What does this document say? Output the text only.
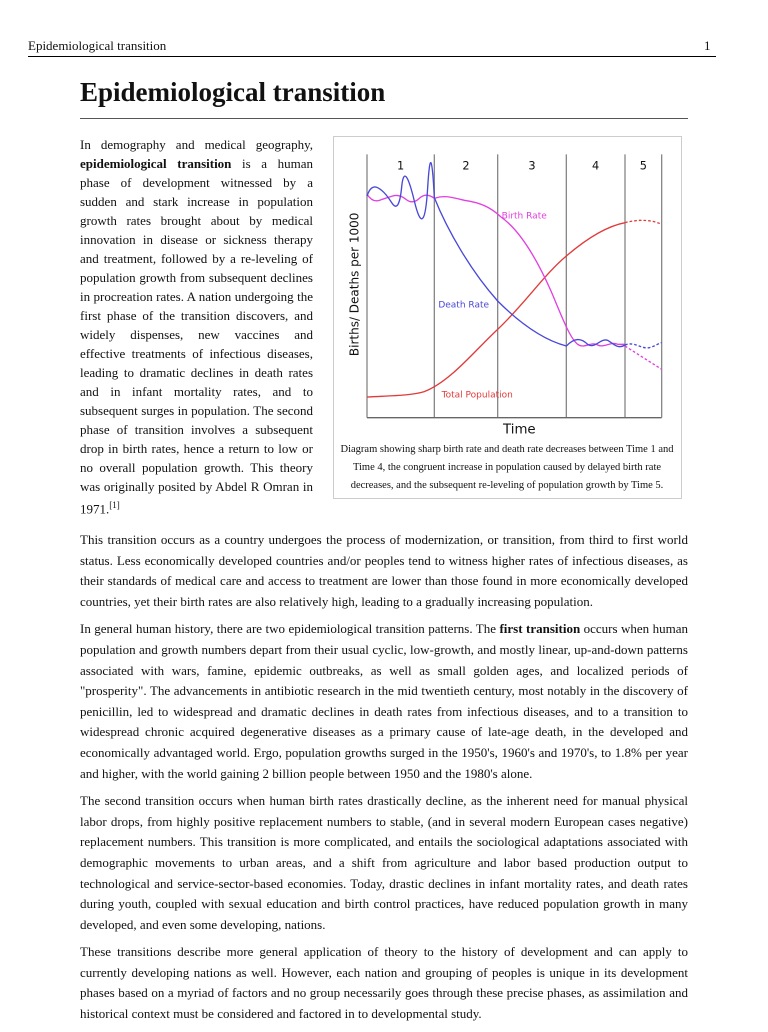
Epidemiological transition	1
Epidemiological transition
In demography and medical geography, epidemiological transition is a human phase of development witnessed by a sudden and stark increase in population growth rates brought about by medical innovation in disease or sickness therapy and treatment, followed by a re-leveling of population growth from subsequent declines in procreation rates. A nation undergoing the first phase of the transition discovers, and widely dispenses, new vaccines and effective treatments of infectious diseases, leading to dramatic declines in death rates and in infant mortality rates, and to subsequent surges in population. The second phase of transition involves a subsequent drop in birth rates, hence a return to low or no overall population growth. This theory was originally posited by Abdel R Omran in 1971.[1]
1 2 3 4 5
Birth Rate
Death Rate
Total Population
Time
Births/ Deaths per 1000
Diagram showing sharp birth rate and death rate decreases between Time 1 and Time 4, the congruent increase in population caused by delayed birth rate decreases, and the subsequent re-leveling of population growth by Time 5.

This transition occurs as a country undergoes the process of modernization, or transition, from third to first world status. Less economically developed countries and/or peoples tend to witness higher rates of infectious diseases, as their standards of medical care and access to treatment are lower than those found in more economically developed countries, yet their birth rates are also relatively high, leading to a gradually increasing population.

In general human history, there are two epidemiological transition patterns. The first transition occurs when human population and growth numbers depart from their usual cyclic, low-growth, and mostly linear, up-and-down patterns associated with wars, famine, epidemic outbreaks, as well as small golden ages, and localized periods of "prosperity". The advancements in antibiotic research in the mid twentieth century, most notably in the discovery of penicillin, led to widespread and dramatic declines in death rates from infectious diseases, and to a transition to widespread chronic acquired degenerative diseases as a primary cause of late-age death, in the developed and economically advantaged world. Ergo, population growths surged in the 1950's, 1960's and 1970's, to 1.8% per year and higher, with the world gaining 2 billion people between 1950 and the 1980's alone.

The second transition occurs when human birth rates drastically decline, as the inherent need for manual physical labor drops, from highly positive replacement numbers to stable, (and in several modern European cases negative) replacement numbers. This transition is more complicated, and entails the sociological adaptations associated with demographic movements to urban areas, and a shift from agriculture and labor based production output to technological and service-sector-based economies. Today, drastic declines in infant mortality rates, and death rates during youth, coupled with sexual education and birth control practices, have reduced population growth in many developed, and even some developing, nations.

These transitions describe more general application of theory to the history of development and can apply to currently developing nations as well. However, each nation and grouping of peoples is unique in its development phases based on a myriad of factors and no group necessarily goes through these precise phases, as assimilation and historical context must be considered and factored in to developmental study.
